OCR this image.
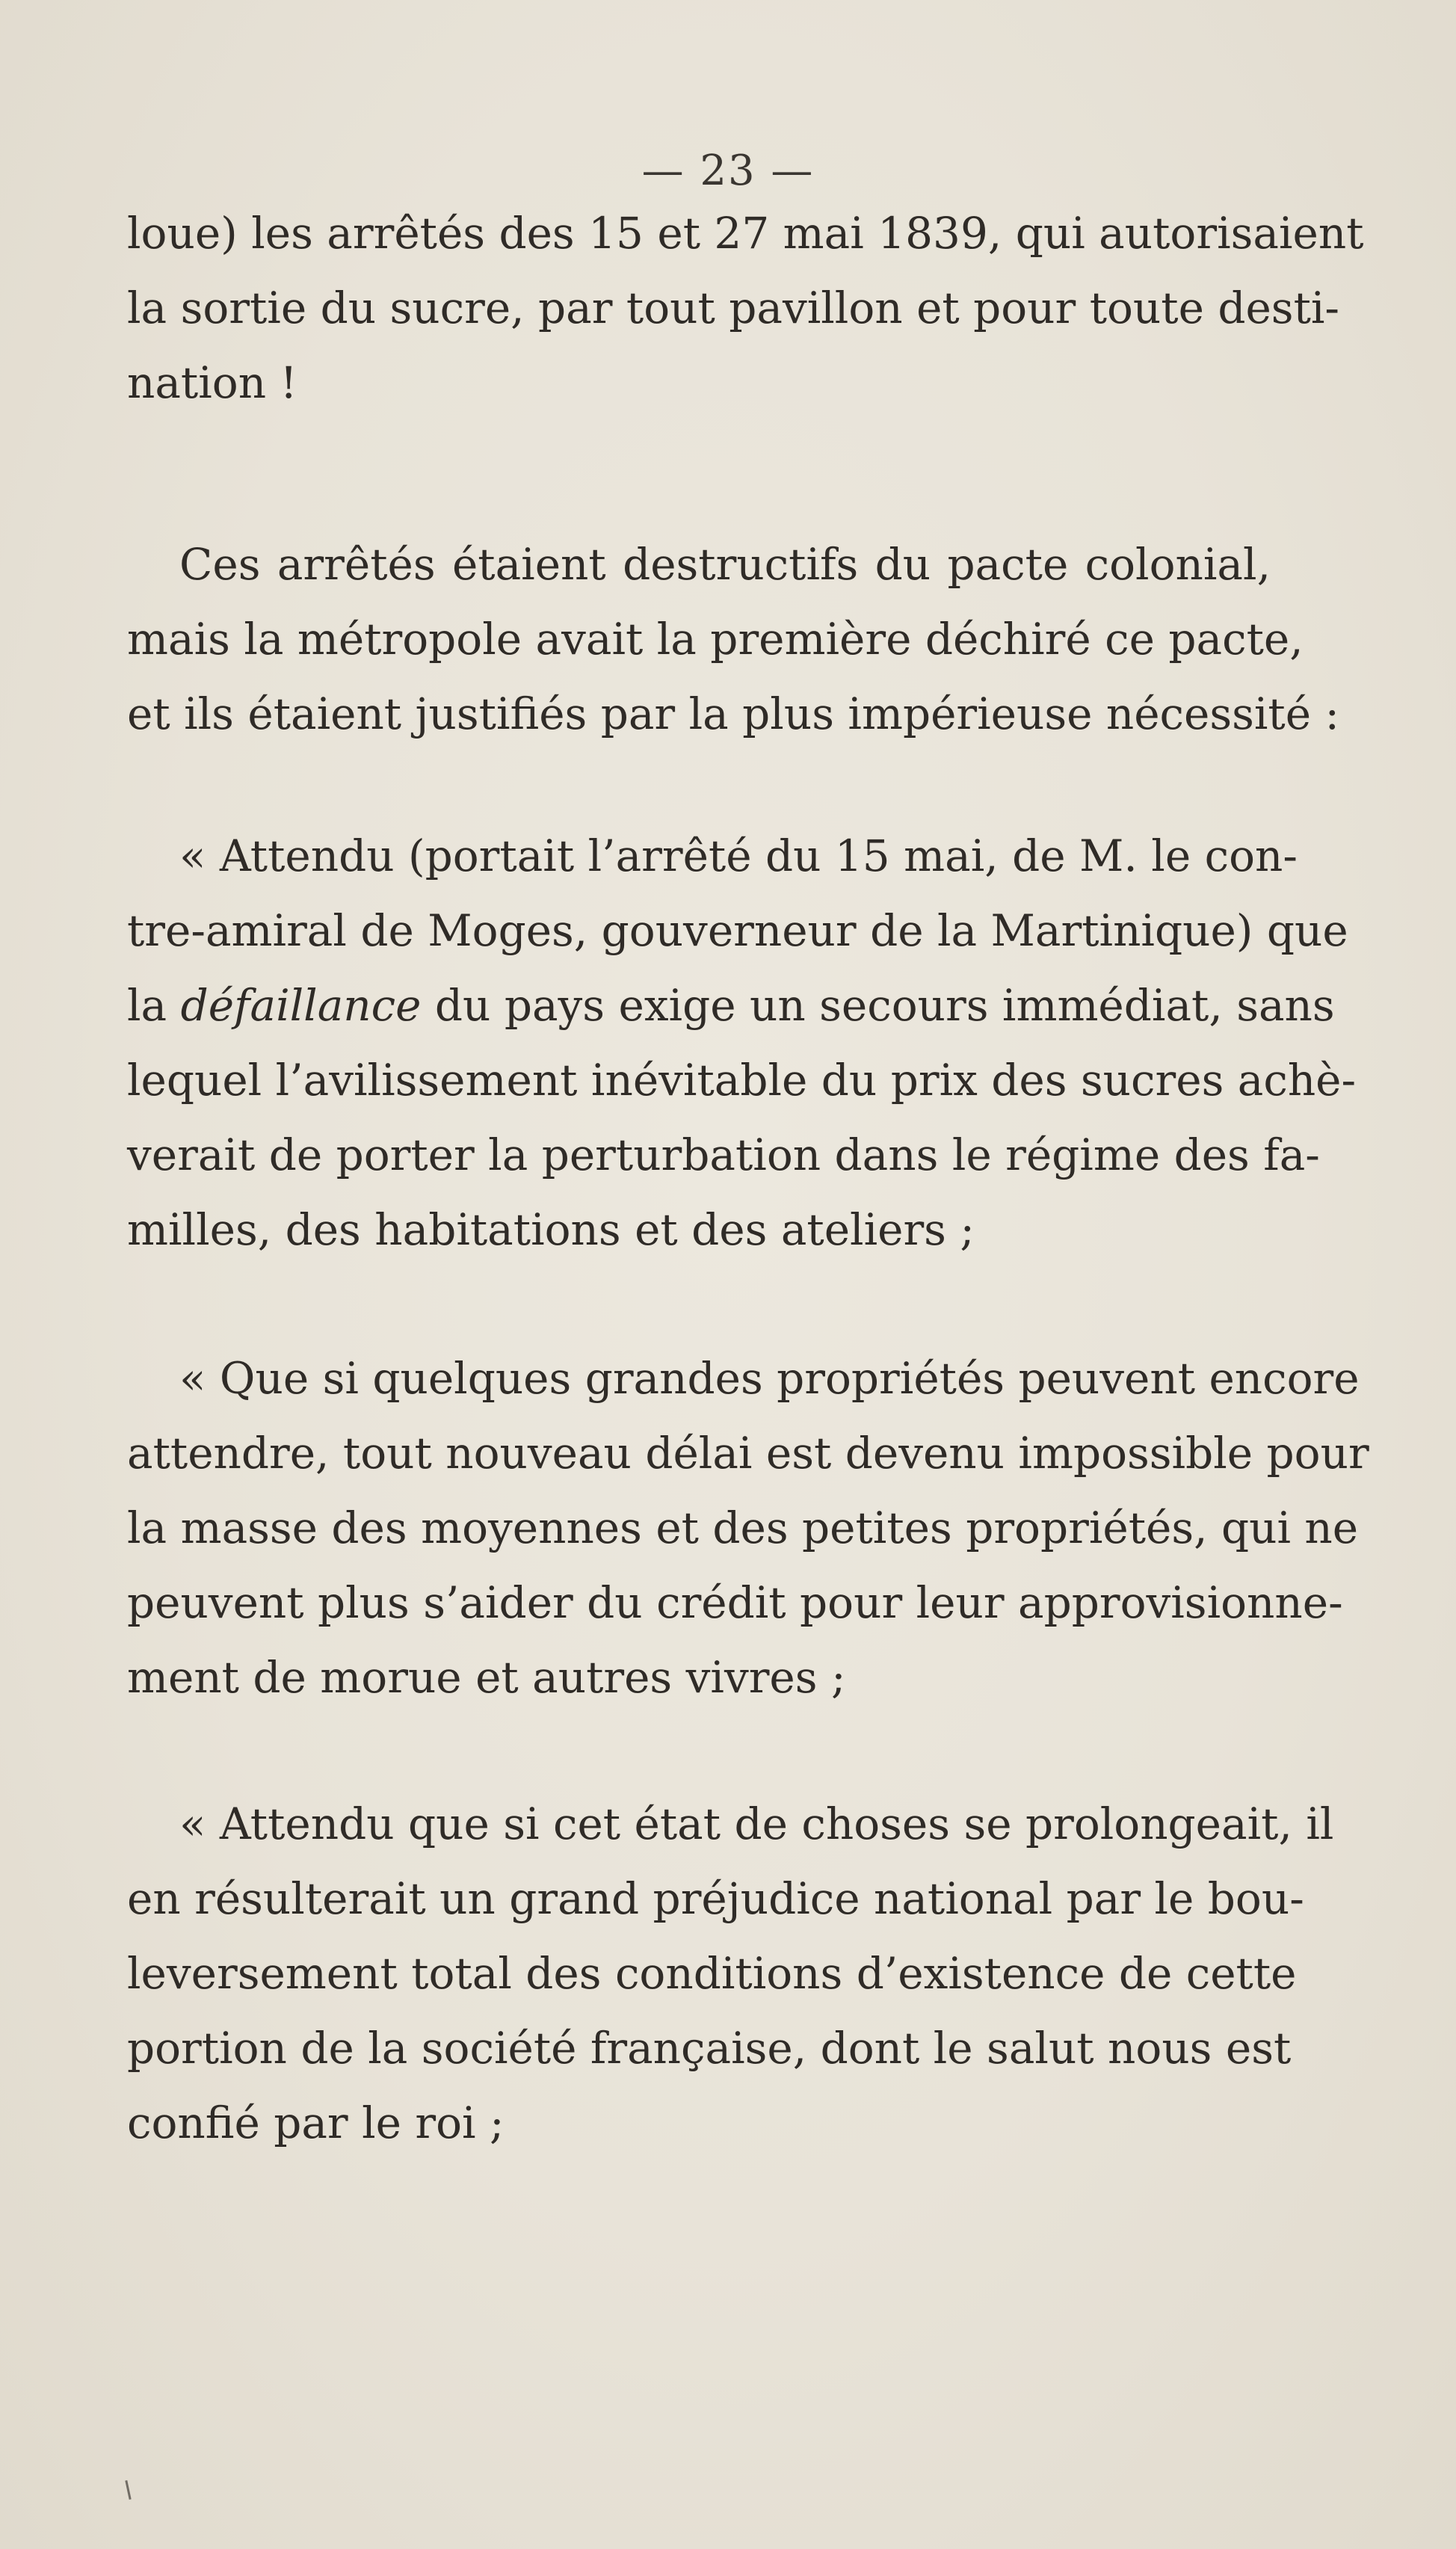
— 23 —
loue) les arrêtés des 15 et 27 mai 1839, qui autorisaient
la sortie du sucre, par tout pavillon et pour toute desti-
nation !
Ces arrêtés étaient destructifs du pacte colonial,
mais la métropole avait la première déchiré ce pacte,
et ils étaient justifiés par la plus impérieuse nécessité :
« Attendu (portait l’arrêté du 15 mai, de M. le con-
tre-amiral de Moges, gouverneur de la Martinique) que
la défaillance du pays exige un secours immédiat, sans
lequel l’avilissement inévitable du prix des sucres achè-
verait de porter la perturbation dans le régime des fa-
milles, des habitations et des ateliers ;
« Que si quelques grandes propriétés peuvent encore
attendre, tout nouveau délai est devenu impossible pour
la masse des moyennes et des petites propriétés, qui ne
peuvent plus s’aider du crédit pour leur approvisionne-
ment de morue et autres vivres ;
« Attendu que si cet état de choses se prolongeait, il
en résulterait un grand préjudice national par le bou-
leversement total des conditions d’existence de cette
portion de la société française, dont le salut nous est
confié par le roi ;
